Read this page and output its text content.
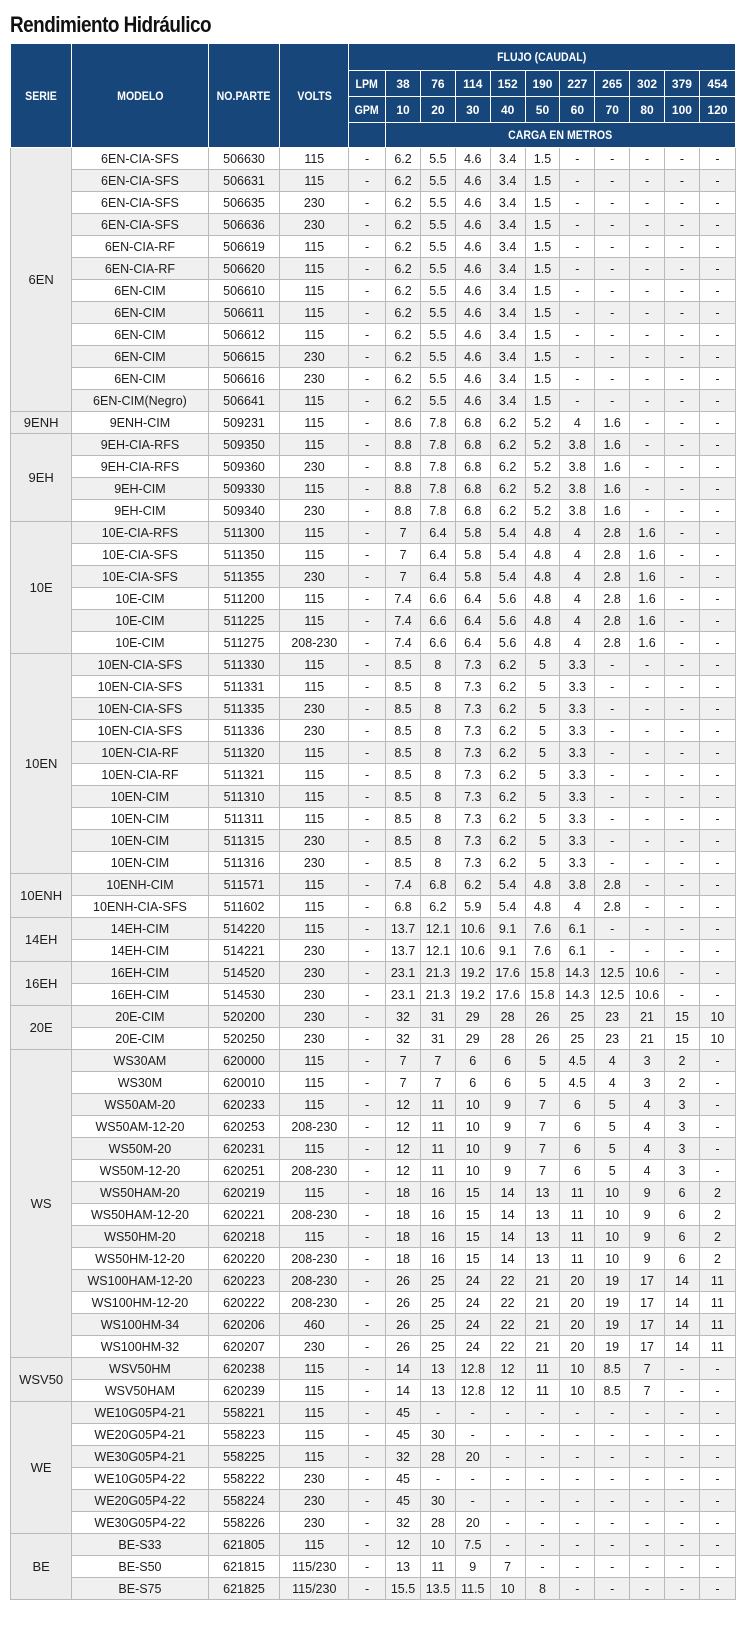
Rendimiento Hidráulico
SERIE	MODELO	NO.PARTE	VOLTS	FLUJO (CAUDAL)										
				LPM	38	76	114	152	190	227	265	302	379	454
				GPM	10	20	30	40	50	60	70	80	100	120
					CARGA EN METROS									
6EN	6EN-CIA-SFS	506630	115	-	6.2	5.5	4.6	3.4	1.5	-	-	-	-	-
	6EN-CIA-SFS	506631	115	-	6.2	5.5	4.6	3.4	1.5	-	-	-	-	-
	6EN-CIA-SFS	506635	230	-	6.2	5.5	4.6	3.4	1.5	-	-	-	-	-
	6EN-CIA-SFS	506636	230	-	6.2	5.5	4.6	3.4	1.5	-	-	-	-	-
	6EN-CIA-RF	506619	115	-	6.2	5.5	4.6	3.4	1.5	-	-	-	-	-
	6EN-CIA-RF	506620	115	-	6.2	5.5	4.6	3.4	1.5	-	-	-	-	-
	6EN-CIM	506610	115	-	6.2	5.5	4.6	3.4	1.5	-	-	-	-	-
	6EN-CIM	506611	115	-	6.2	5.5	4.6	3.4	1.5	-	-	-	-	-
	6EN-CIM	506612	115	-	6.2	5.5	4.6	3.4	1.5	-	-	-	-	-
	6EN-CIM	506615	230	-	6.2	5.5	4.6	3.4	1.5	-	-	-	-	-
	6EN-CIM	506616	230	-	6.2	5.5	4.6	3.4	1.5	-	-	-	-	-
	6EN-CIM(Negro)	506641	115	-	6.2	5.5	4.6	3.4	1.5	-	-	-	-	-
9ENH	9ENH-CIM	509231	115	-	8.6	7.8	6.8	6.2	5.2	4	1.6	-	-	-
9EH	9EH-CIA-RFS	509350	115	-	8.8	7.8	6.8	6.2	5.2	3.8	1.6	-	-	-
	9EH-CIA-RFS	509360	230	-	8.8	7.8	6.8	6.2	5.2	3.8	1.6	-	-	-
	9EH-CIM	509330	115	-	8.8	7.8	6.8	6.2	5.2	3.8	1.6	-	-	-
	9EH-CIM	509340	230	-	8.8	7.8	6.8	6.2	5.2	3.8	1.6	-	-	-
10E	10E-CIA-RFS	511300	115	-	7	6.4	5.8	5.4	4.8	4	2.8	1.6	-	-
	10E-CIA-SFS	511350	115	-	7	6.4	5.8	5.4	4.8	4	2.8	1.6	-	-
	10E-CIA-SFS	511355	230	-	7	6.4	5.8	5.4	4.8	4	2.8	1.6	-	-
	10E-CIM	511200	115	-	7.4	6.6	6.4	5.6	4.8	4	2.8	1.6	-	-
	10E-CIM	511225	115	-	7.4	6.6	6.4	5.6	4.8	4	2.8	1.6	-	-
	10E-CIM	511275	208-230	-	7.4	6.6	6.4	5.6	4.8	4	2.8	1.6	-	-
10EN	10EN-CIA-SFS	511330	115	-	8.5	8	7.3	6.2	5	3.3	-	-	-	-
	10EN-CIA-SFS	511331	115	-	8.5	8	7.3	6.2	5	3.3	-	-	-	-
	10EN-CIA-SFS	511335	230	-	8.5	8	7.3	6.2	5	3.3	-	-	-	-
	10EN-CIA-SFS	511336	230	-	8.5	8	7.3	6.2	5	3.3	-	-	-	-
	10EN-CIA-RF	511320	115	-	8.5	8	7.3	6.2	5	3.3	-	-	-	-
	10EN-CIA-RF	511321	115	-	8.5	8	7.3	6.2	5	3.3	-	-	-	-
	10EN-CIM	511310	115	-	8.5	8	7.3	6.2	5	3.3	-	-	-	-
	10EN-CIM	511311	115	-	8.5	8	7.3	6.2	5	3.3	-	-	-	-
	10EN-CIM	511315	230	-	8.5	8	7.3	6.2	5	3.3	-	-	-	-
	10EN-CIM	511316	230	-	8.5	8	7.3	6.2	5	3.3	-	-	-	-
10ENH	10ENH-CIM	511571	115	-	7.4	6.8	6.2	5.4	4.8	3.8	2.8	-	-	-
	10ENH-CIA-SFS	511602	115	-	6.8	6.2	5.9	5.4	4.8	4	2.8	-	-	-
14EH	14EH-CIM	514220	115	-	13.7	12.1	10.6	9.1	7.6	6.1	-	-	-	-
	14EH-CIM	514221	230	-	13.7	12.1	10.6	9.1	7.6	6.1	-	-	-	-
16EH	16EH-CIM	514520	230	-	23.1	21.3	19.2	17.6	15.8	14.3	12.5	10.6	-	-
	16EH-CIM	514530	230	-	23.1	21.3	19.2	17.6	15.8	14.3	12.5	10.6	-	-
20E	20E-CIM	520200	230	-	32	31	29	28	26	25	23	21	15	10
	20E-CIM	520250	230	-	32	31	29	28	26	25	23	21	15	10
WS	WS30AM	620000	115	-	7	7	6	6	5	4.5	4	3	2	-
	WS30M	620010	115	-	7	7	6	6	5	4.5	4	3	2	-
	WS50AM-20	620233	115	-	12	11	10	9	7	6	5	4	3	-
	WS50AM-12-20	620253	208-230	-	12	11	10	9	7	6	5	4	3	-
	WS50M-20	620231	115	-	12	11	10	9	7	6	5	4	3	-
	WS50M-12-20	620251	208-230	-	12	11	10	9	7	6	5	4	3	-
	WS50HAM-20	620219	115	-	18	16	15	14	13	11	10	9	6	2
	WS50HAM-12-20	620221	208-230	-	18	16	15	14	13	11	10	9	6	2
	WS50HM-20	620218	115	-	18	16	15	14	13	11	10	9	6	2
	WS50HM-12-20	620220	208-230	-	18	16	15	14	13	11	10	9	6	2
	WS100HAM-12-20	620223	208-230	-	26	25	24	22	21	20	19	17	14	11
	WS100HM-12-20	620222	208-230	-	26	25	24	22	21	20	19	17	14	11
	WS100HM-34	620206	460	-	26	25	24	22	21	20	19	17	14	11
	WS100HM-32	620207	230	-	26	25	24	22	21	20	19	17	14	11
WSV50	WSV50HM	620238	115	-	14	13	12.8	12	11	10	8.5	7	-	-
	WSV50HAM	620239	115	-	14	13	12.8	12	11	10	8.5	7	-	-
WE	WE10G05P4-21	558221	115	-	45	-	-	-	-	-	-	-	-	-
	WE20G05P4-21	558223	115	-	45	30	-	-	-	-	-	-	-	-
	WE30G05P4-21	558225	115	-	32	28	20	-	-	-	-	-	-	-
	WE10G05P4-22	558222	230	-	45	-	-	-	-	-	-	-	-	-
	WE20G05P4-22	558224	230	-	45	30	-	-	-	-	-	-	-	-
	WE30G05P4-22	558226	230	-	32	28	20	-	-	-	-	-	-	-
BE	BE-S33	621805	115	-	12	10	7.5	-	-	-	-	-	-	-
	BE-S50	621815	115/230	-	13	11	9	7	-	-	-	-	-	-
	BE-S75	621825	115/230	-	15.5	13.5	11.5	10	8	-	-	-	-	-
